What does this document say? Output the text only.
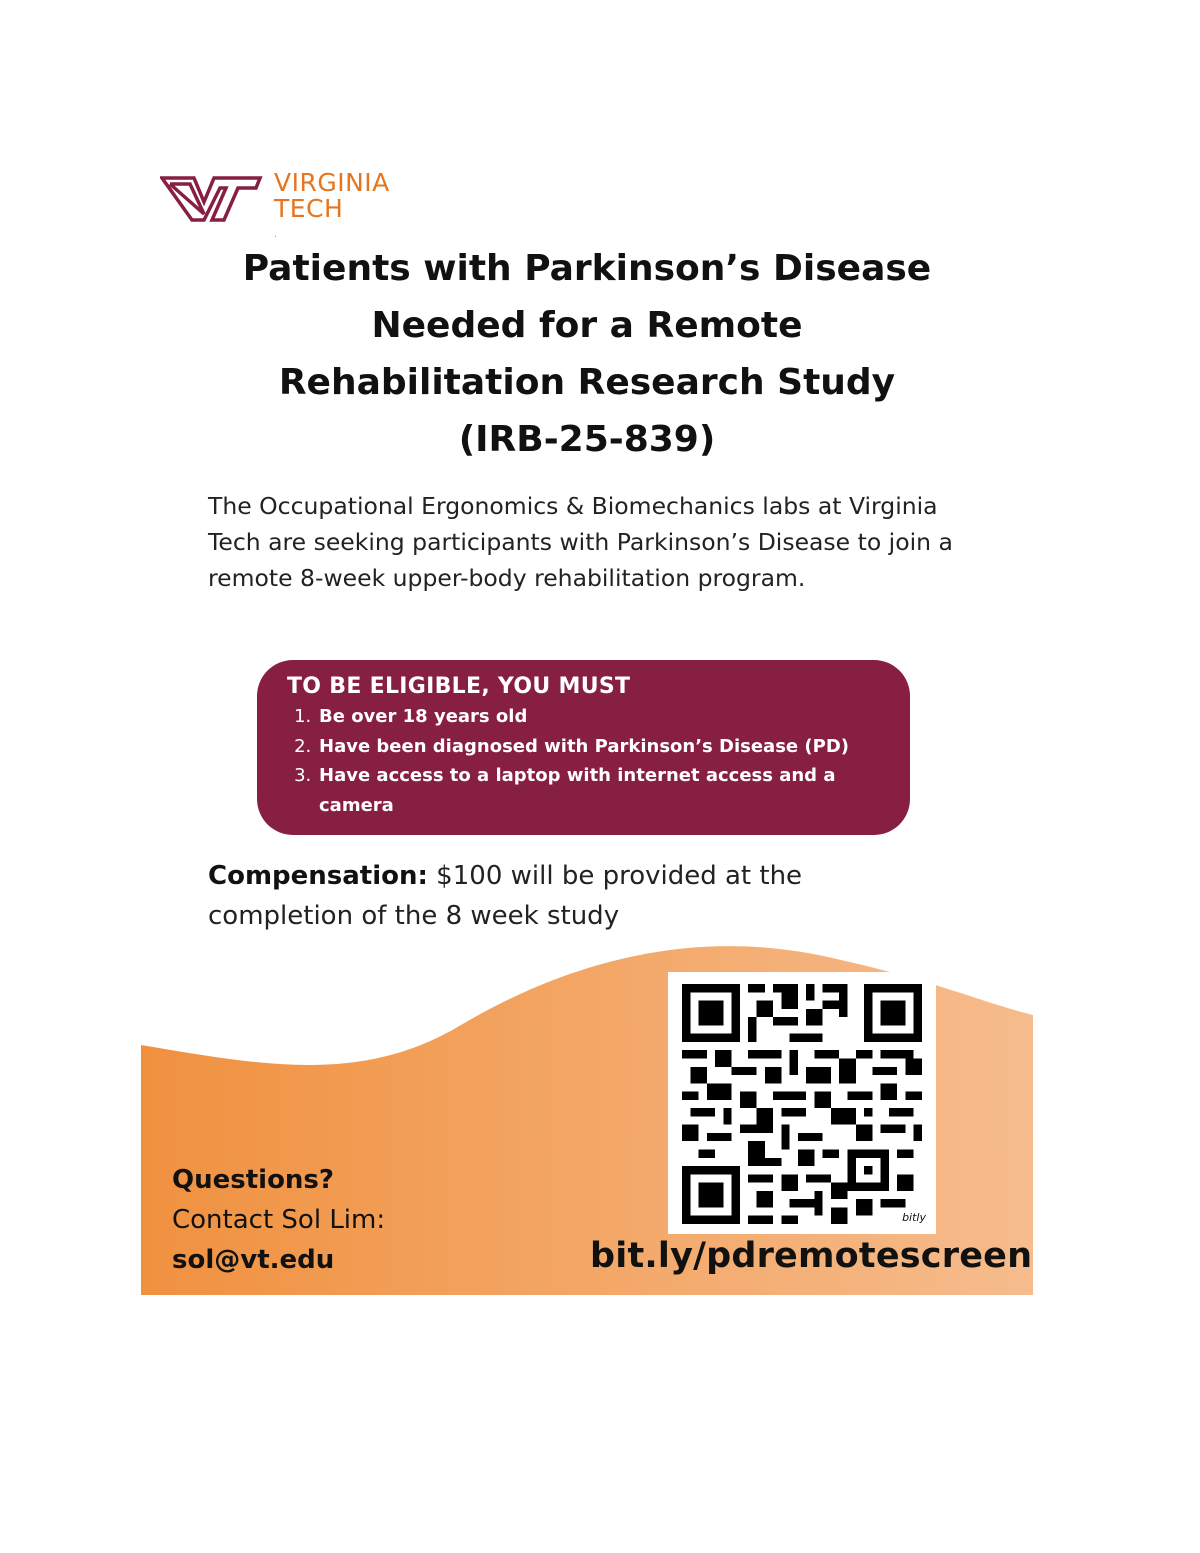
VIRGINIA
TECH
.
Patients with Parkinson’s Disease
Needed for a Remote
Rehabilitation Research Study
(IRB-25-839)

The Occupational Ergonomics & Biomechanics labs at Virginia Tech are seeking participants with Parkinson’s Disease to join a remote 8-week upper-body rehabilitation program.

TO BE ELIGIBLE, YOU MUST
1. Be over 18 years old
2. Have been diagnosed with Parkinson’s Disease (PD)
3. Have access to a laptop with internet access and a camera

Compensation: $100 will be provided at the completion of the 8 week study

bitly
Questions?
Contact Sol Lim:
sol@vt.edu	bit.ly/pdremotescreen
